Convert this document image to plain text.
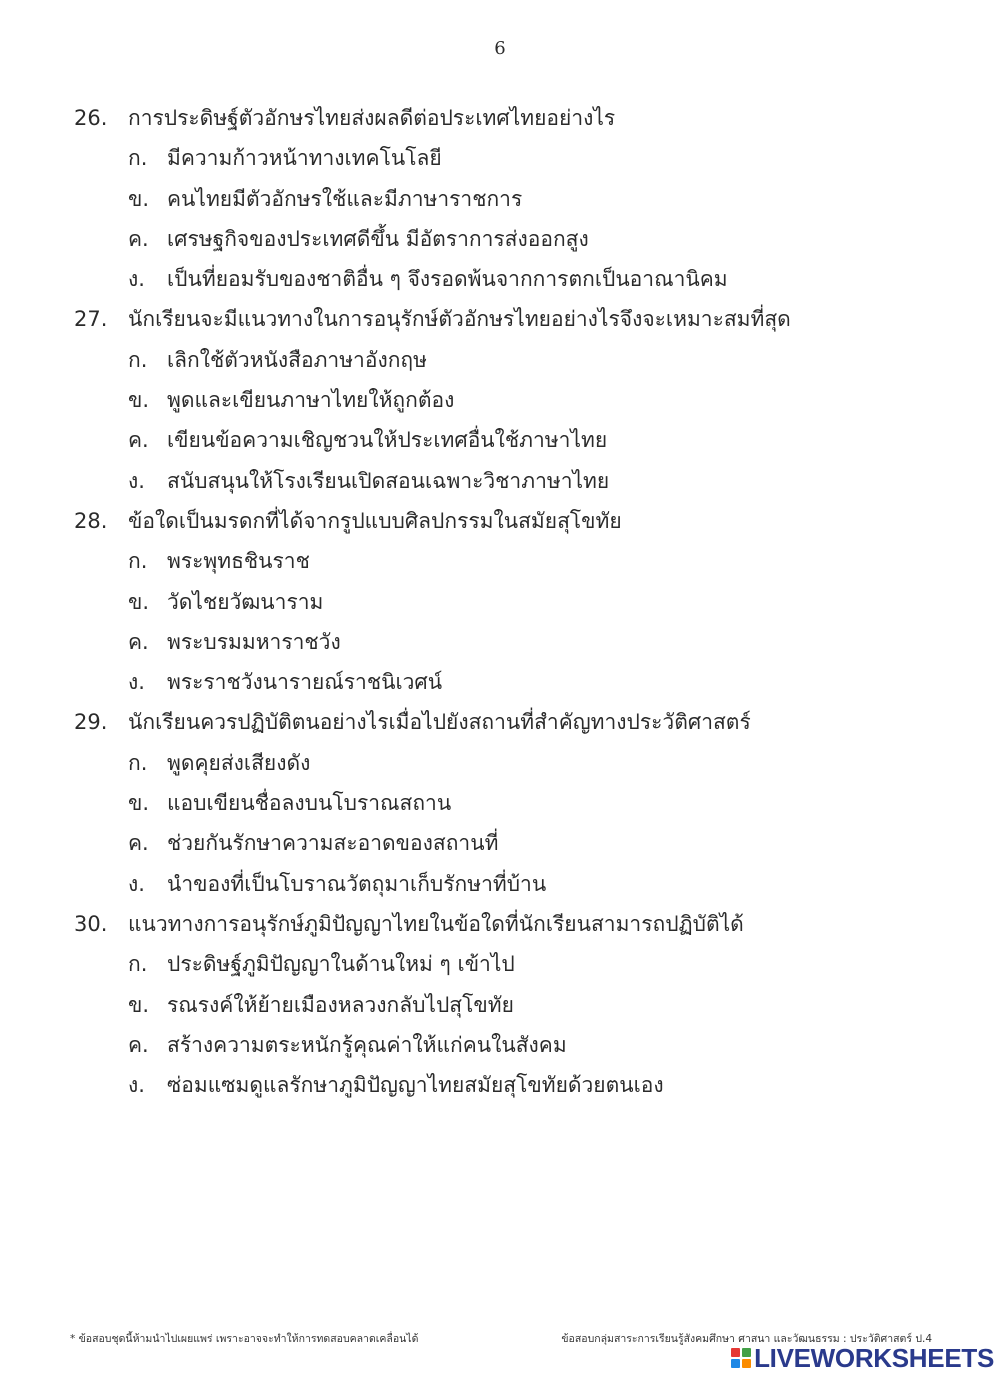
6
26. การประดิษฐ์ตัวอักษรไทยส่งผลดีต่อประเทศไทยอย่างไร
ก. มีความก้าวหน้าทางเทคโนโลยี
ข. คนไทยมีตัวอักษรใช้และมีภาษาราชการ
ค. เศรษฐกิจของประเทศดีขึ้น มีอัตราการส่งออกสูง
ง. เป็นที่ยอมรับของชาติอื่น ๆ จึงรอดพ้นจากการตกเป็นอาณานิคม
27. นักเรียนจะมีแนวทางในการอนุรักษ์ตัวอักษรไทยอย่างไรจึงจะเหมาะสมที่สุด
ก. เลิกใช้ตัวหนังสือภาษาอังกฤษ
ข. พูดและเขียนภาษาไทยให้ถูกต้อง
ค. เขียนข้อความเชิญชวนให้ประเทศอื่นใช้ภาษาไทย
ง. สนับสนุนให้โรงเรียนเปิดสอนเฉพาะวิชาภาษาไทย
28. ข้อใดเป็นมรดกที่ได้จากรูปแบบศิลปกรรมในสมัยสุโขทัย
ก. พระพุทธชินราช
ข. วัดไชยวัฒนาราม
ค. พระบรมมหาราชวัง
ง. พระราชวังนารายณ์ราชนิเวศน์
29. นักเรียนควรปฏิบัติตนอย่างไรเมื่อไปยังสถานที่สำคัญทางประวัติศาสตร์
ก. พูดคุยส่งเสียงดัง
ข. แอบเขียนชื่อลงบนโบราณสถาน
ค. ช่วยกันรักษาความสะอาดของสถานที่
ง. นำของที่เป็นโบราณวัตถุมาเก็บรักษาที่บ้าน
30. แนวทางการอนุรักษ์ภูมิปัญญาไทยในข้อใดที่นักเรียนสามารถปฏิบัติได้
ก. ประดิษฐ์ภูมิปัญญาในด้านใหม่ ๆ เข้าไป
ข. รณรงค์ให้ย้ายเมืองหลวงกลับไปสุโขทัย
ค. สร้างความตระหนักรู้คุณค่าให้แก่คนในสังคม
ง. ซ่อมแซมดูแลรักษาภูมิปัญญาไทยสมัยสุโขทัยด้วยตนเอง
* ข้อสอบชุดนี้ห้ามนำไปเผยแพร่ เพราะอาจจะทำให้การทดสอบคลาดเคลื่อนได้	ข้อสอบกลุ่มสาระการเรียนรู้สังคมศึกษา ศาสนา และวัฒนธรรม : ประวัติศาสตร์ ป.4
LIVEWORKSHEETS
